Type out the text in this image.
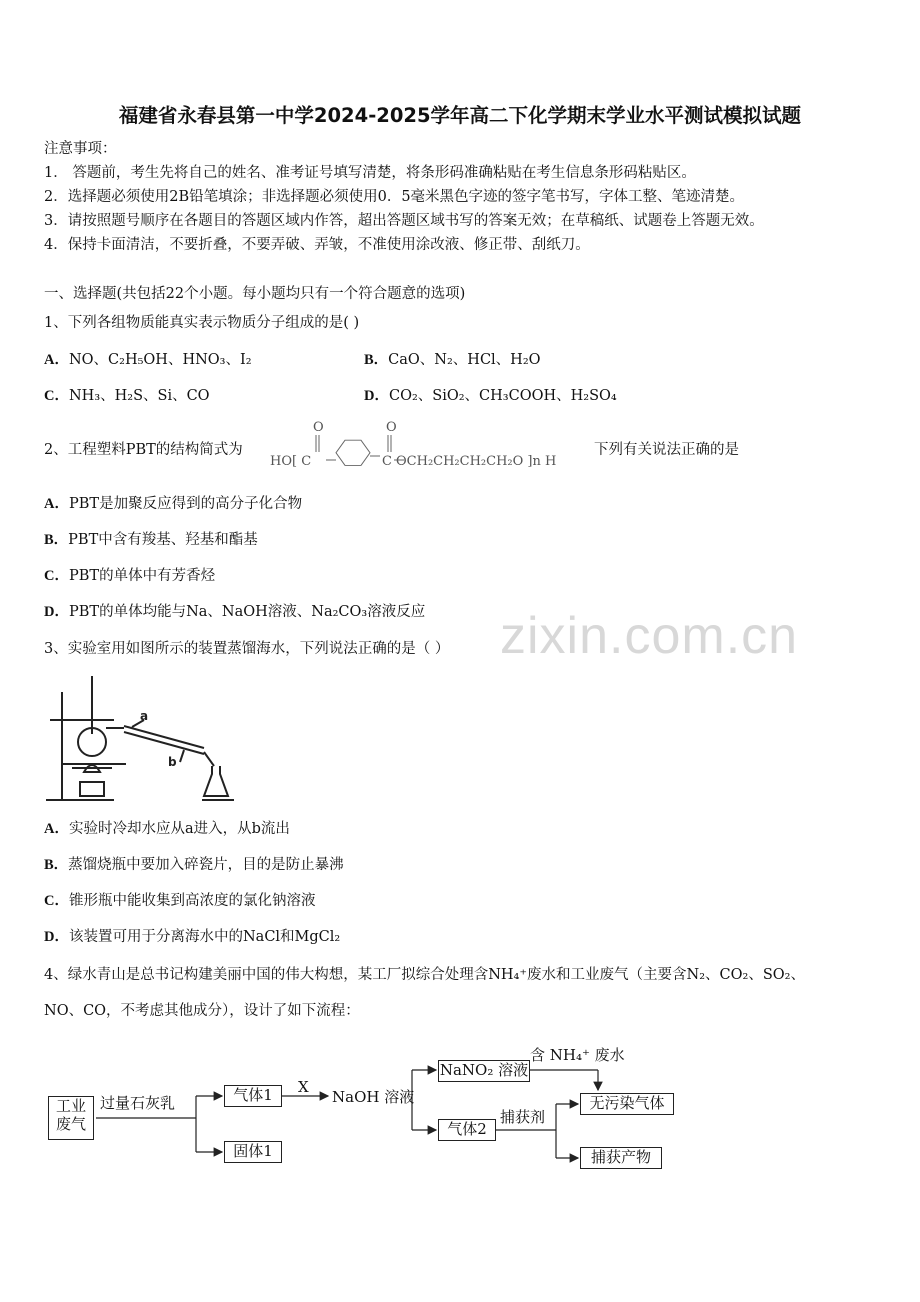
福建省永春县第一中学2024-2025学年高二下化学期末学业水平测试模拟试题
注意事项：
1． 答题前，考生先将自己的姓名、准考证号填写清楚，将条形码准确粘贴在考生信息条形码粘贴区。
2．选择题必须使用2B铅笔填涂；非选择题必须使用0．5毫米黑色字迹的签字笔书写，字体工整、笔迹清楚。
3．请按照题号顺序在各题目的答题区域内作答，超出答题区域书写的答案无效；在草稿纸、试题卷上答题无效。
4．保持卡面清洁，不要折叠，不要弄破、弄皱，不准使用涂改液、修正带、刮纸刀。
一、选择题(共包括22个小题。每小题均只有一个符合题意的选项)
1、下列各组物质能真实表示物质分子组成的是( )
A．NO、C₂H₅OH、HNO₃、I₂	B．CaO、N₂、HCl、H₂O
C．NH₃、H₂S、Si、CO	D．CO₂、SiO₂、CH₃COOH、H₂SO₄
2、工程塑料PBT的结构简式为
HO[ C
O
C
O
OCH₂CH₂CH₂CH₂O ]n H
下列有关说法正确的是
A．PBT是加聚反应得到的高分子化合物
B．PBT中含有羧基、羟基和酯基
C．PBT的单体中有芳香烃
D．PBT的单体均能与Na、NaOH溶液、Na₂CO₃溶液反应 zixin.com.cn
3、实验室用如图所示的装置蒸馏海水，下列说法正确的是（ ）
a
b
A．实验时冷却水应从a进入，从b流出
B．蒸馏烧瓶中要加入碎瓷片，目的是防止暴沸
C．锥形瓶中能收集到高浓度的氯化钠溶液
D．该装置可用于分离海水中的NaCl和MgCl₂
4、绿水青山是总书记构建美丽中国的伟大构想，某工厂拟综合处理含NH₄⁺废水和工业废气（主要含N₂、CO₂、SO₂、
NO、CO，不考虑其他成分），设计了如下流程：
工业
废气
过量石灰乳	气体1
固体1
X
NaOH 溶液
NaNO₂ 溶液
含 NH₄⁺ 废水
气体2
捕获剂
无污染气体
捕获产物
